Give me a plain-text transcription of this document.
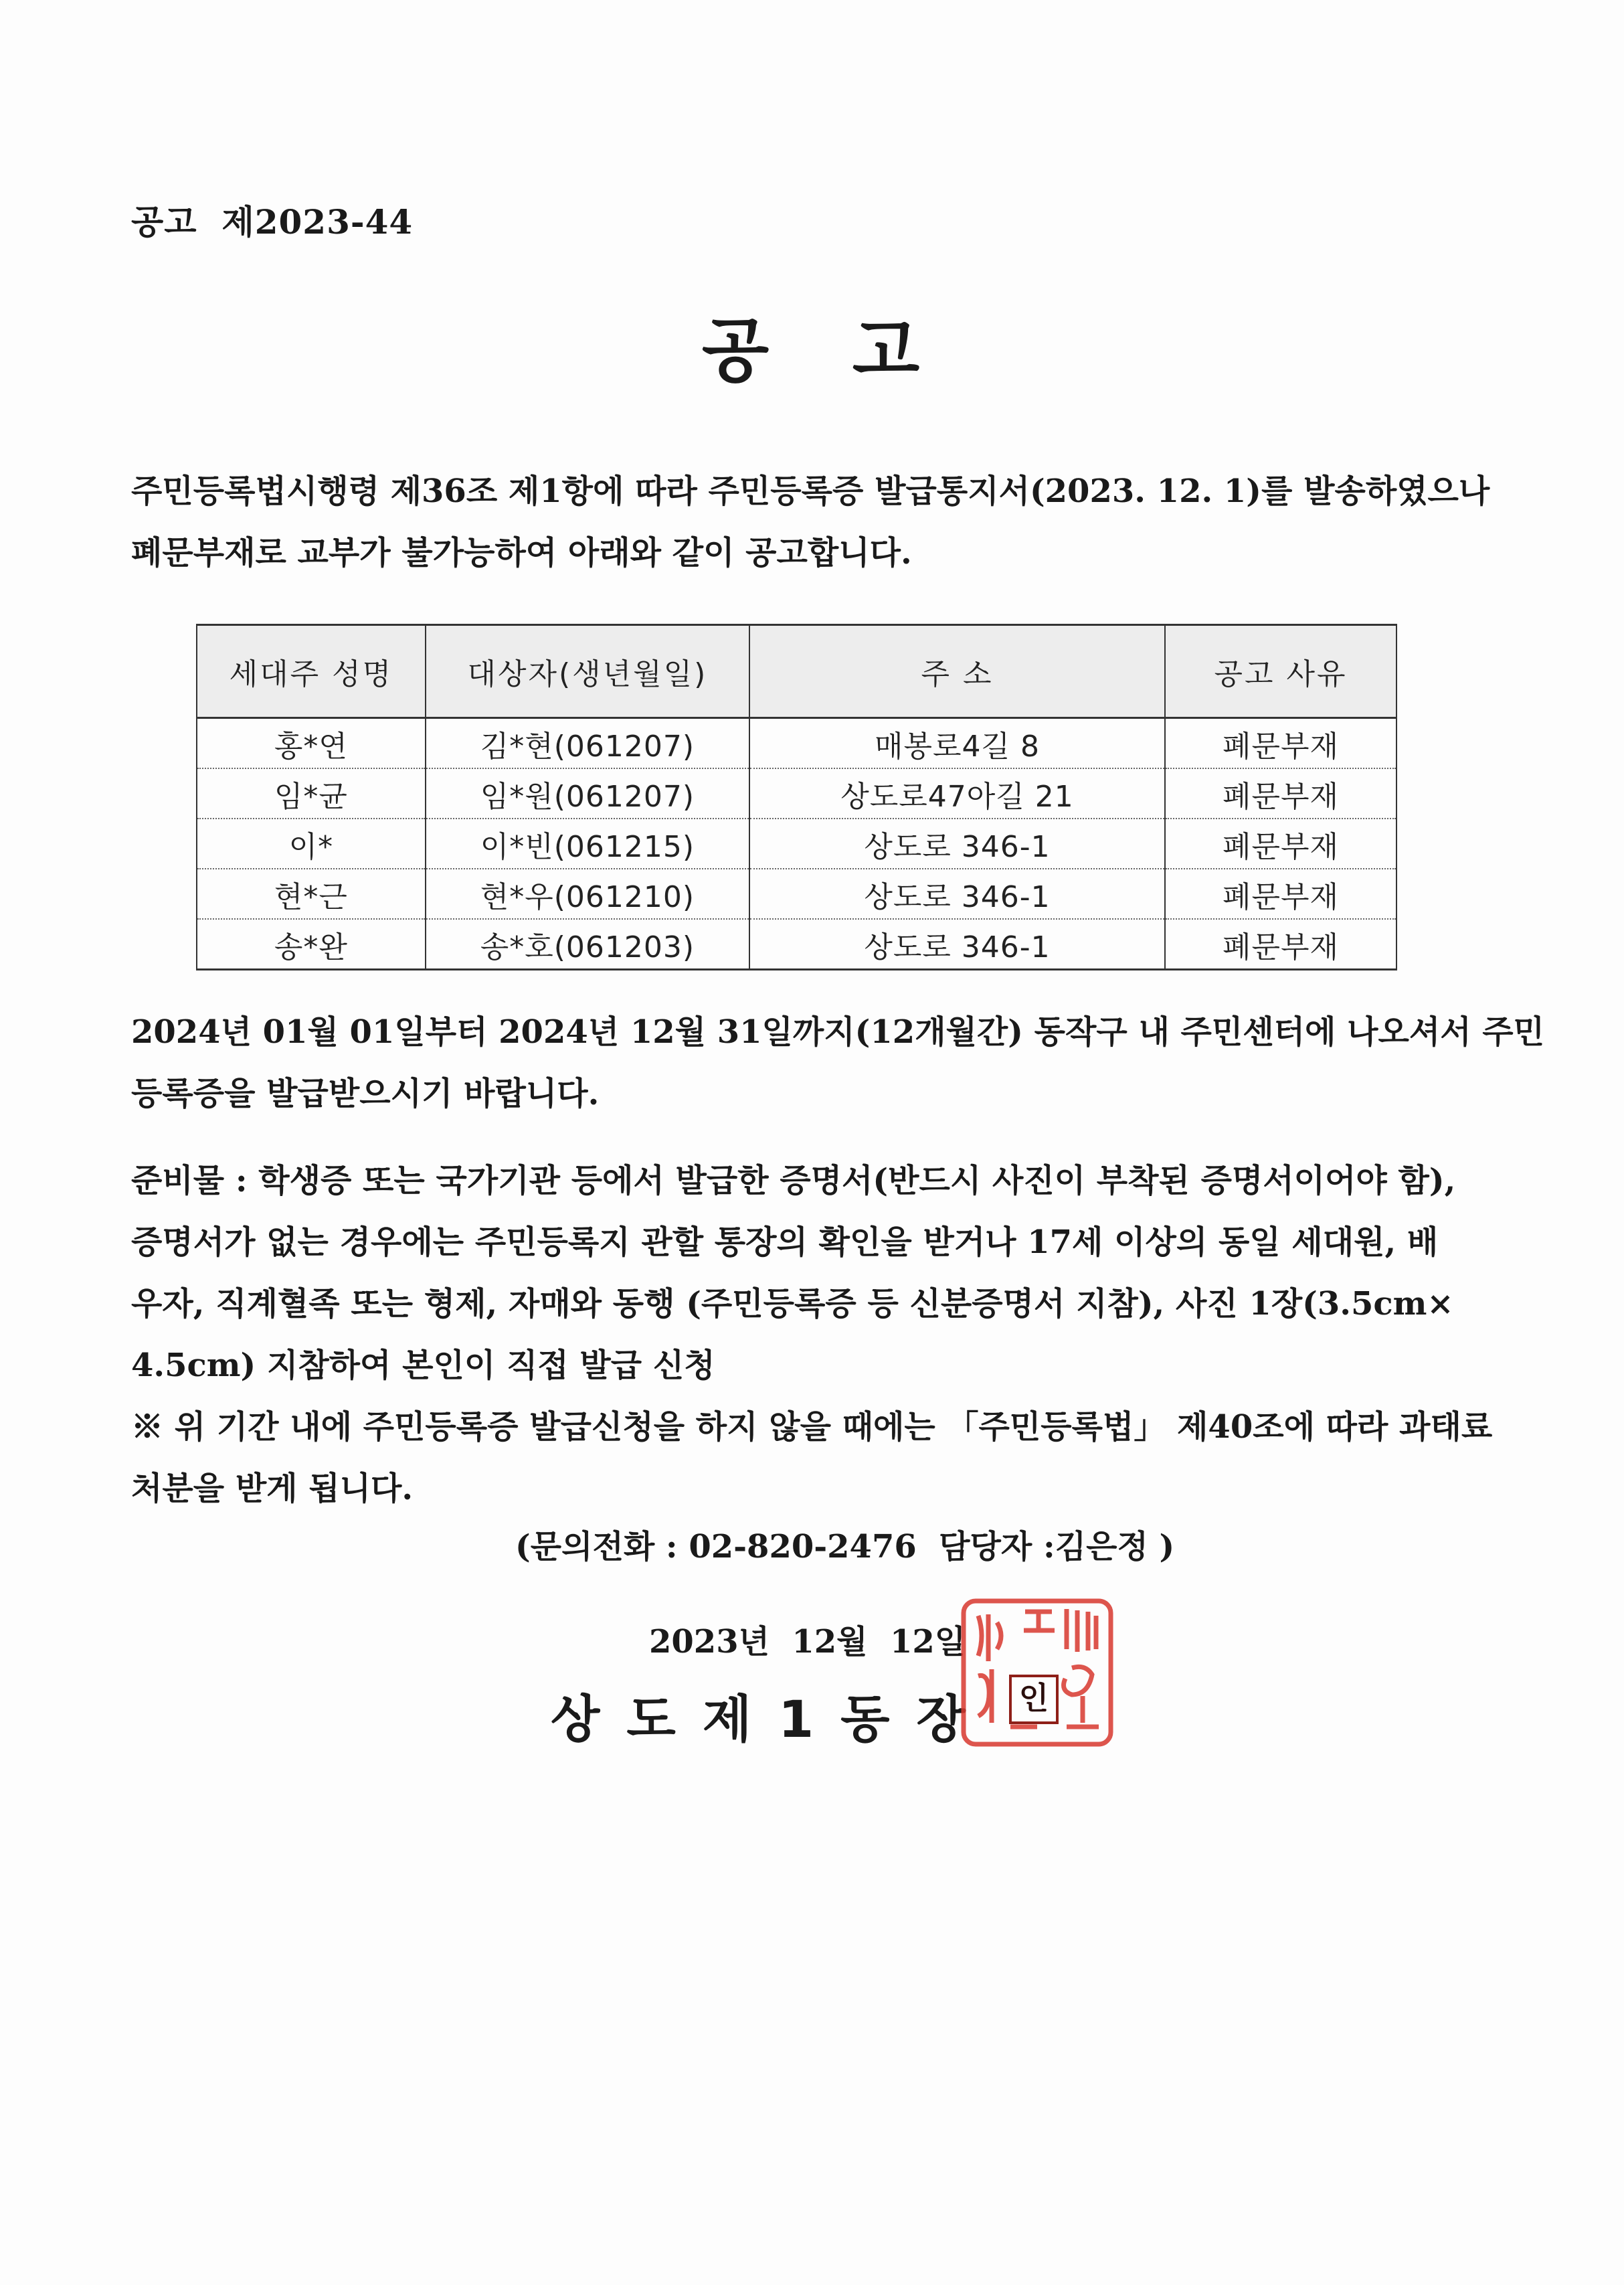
공고  제2023-44
공   고
주민등록법시행령 제36조 제1항에 따라 주민등록증 발급통지서(2023. 12. 1)를 발송하였으나
폐문부재로 교부가 불가능하여 아래와 같이 공고합니다.
세대주 성명	대상자(생년월일)	주 소	공고 사유
홍*연	김*현(061207)	매봉로4길 8	폐문부재
임*균	임*원(061207)	상도로47아길 21	폐문부재
이*	이*빈(061215)	상도로 346-1	폐문부재
현*근	현*우(061210)	상도로 346-1	폐문부재
송*완	송*호(061203)	상도로 346-1	폐문부재
2024년 01월 01일부터 2024년 12월 31일까지(12개월간) 동작구 내 주민센터에 나오셔서 주민
등록증을 발급받으시기 바랍니다.
준비물 : 학생증 또는 국가기관 등에서 발급한 증명서(반드시 사진이 부착된 증명서이어야 함),
증명서가 없는 경우에는 주민등록지 관할 통장의 확인을 받거나 17세 이상의 동일 세대원, 배
우자, 직계혈족 또는 형제, 자매와 동행 (주민등록증 등 신분증명서 지참), 사진 1장(3.5cm×
4.5cm) 지참하여 본인이 직접 발급 신청
※ 위 기간 내에 주민등록증 발급신청을 하지 않을 때에는 「주민등록법」 제40조에 따라 과태료
처분을 받게 됩니다.
(문의전화 : 02-820-2476  담당자 :김은정 )
2023년  12월  12일
상도제1동장 인
